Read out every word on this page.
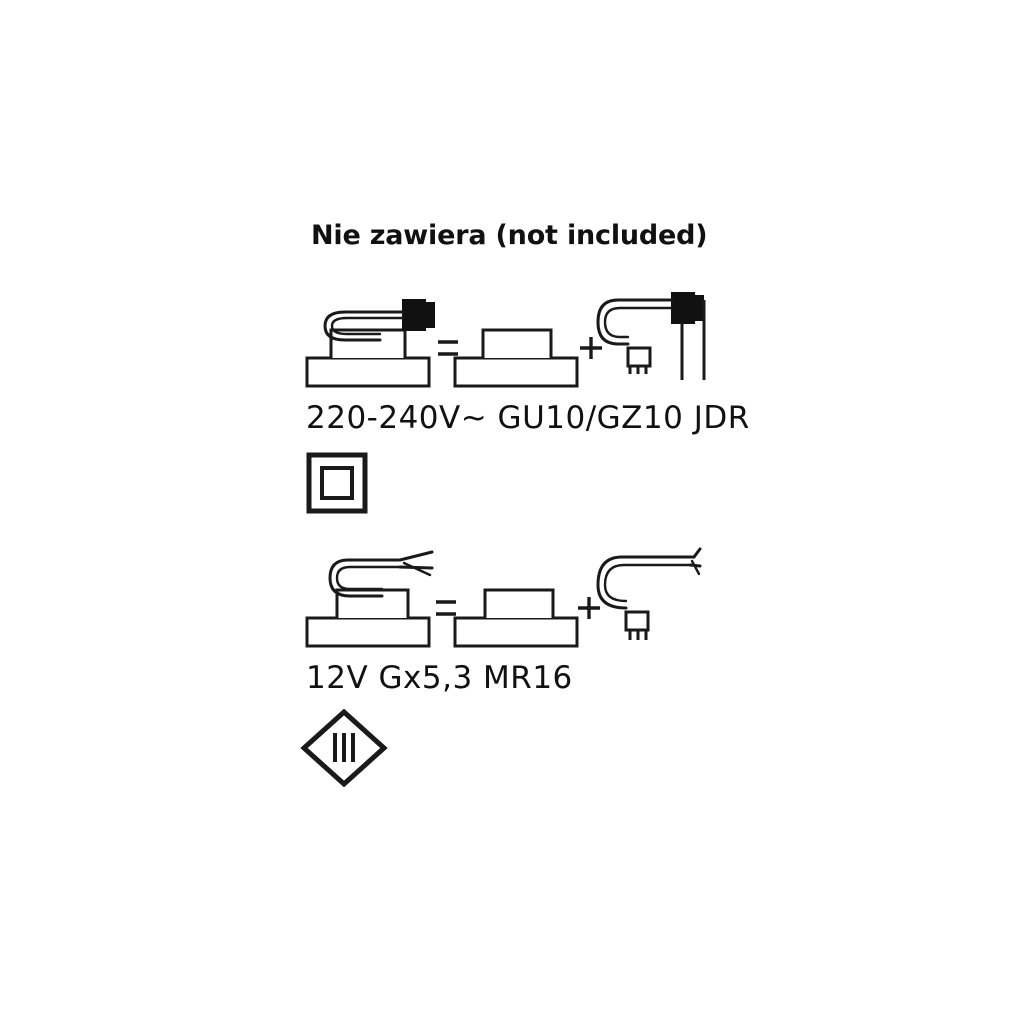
Nie zawiera (not included)
220-240V~ GU10/GZ10 JDR
12V Gx5,3 MR16
